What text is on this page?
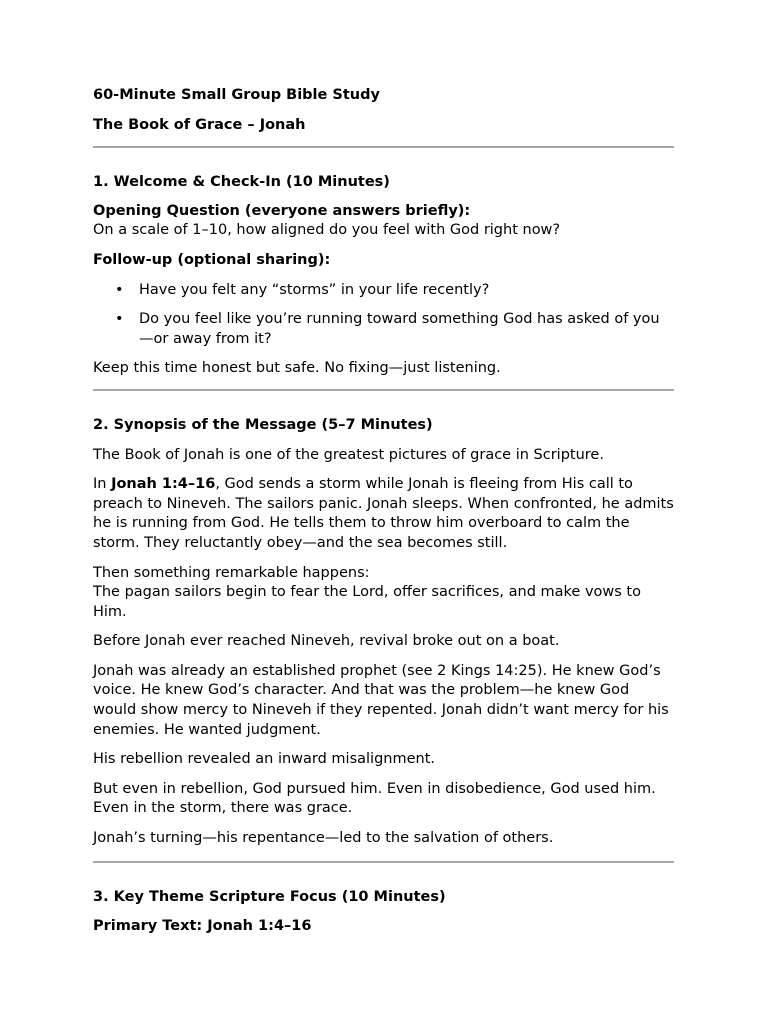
60-Minute Small Group Bible Study

The Book of Grace – Jonah

1. Welcome & Check-In (10 Minutes)

Opening Question (everyone answers briefly):
On a scale of 1–10, how aligned do you feel with God right now?

Follow-up (optional sharing):

• Have you felt any “storms” in your life recently?
• Do you feel like you’re running toward something God has asked of you—or away from it?

Keep this time honest but safe. No fixing—just listening.

2. Synopsis of the Message (5–7 Minutes)

The Book of Jonah is one of the greatest pictures of grace in Scripture.

In Jonah 1:4–16, God sends a storm while Jonah is fleeing from His call to preach to Nineveh. The sailors panic. Jonah sleeps. When confronted, he admits he is running from God. He tells them to throw him overboard to calm the storm. They reluctantly obey—and the sea becomes still.

Then something remarkable happens:
The pagan sailors begin to fear the Lord, offer sacrifices, and make vows to Him.

Before Jonah ever reached Nineveh, revival broke out on a boat.

Jonah was already an established prophet (see 2 Kings 14:25). He knew God’s voice. He knew God’s character. And that was the problem—he knew God would show mercy to Nineveh if they repented. Jonah didn’t want mercy for his enemies. He wanted judgment.

His rebellion revealed an inward misalignment.

But even in rebellion, God pursued him. Even in disobedience, God used him. Even in the storm, there was grace.

Jonah’s turning—his repentance—led to the salvation of others.

3. Key Theme Scripture Focus (10 Minutes)

Primary Text: Jonah 1:4–16
